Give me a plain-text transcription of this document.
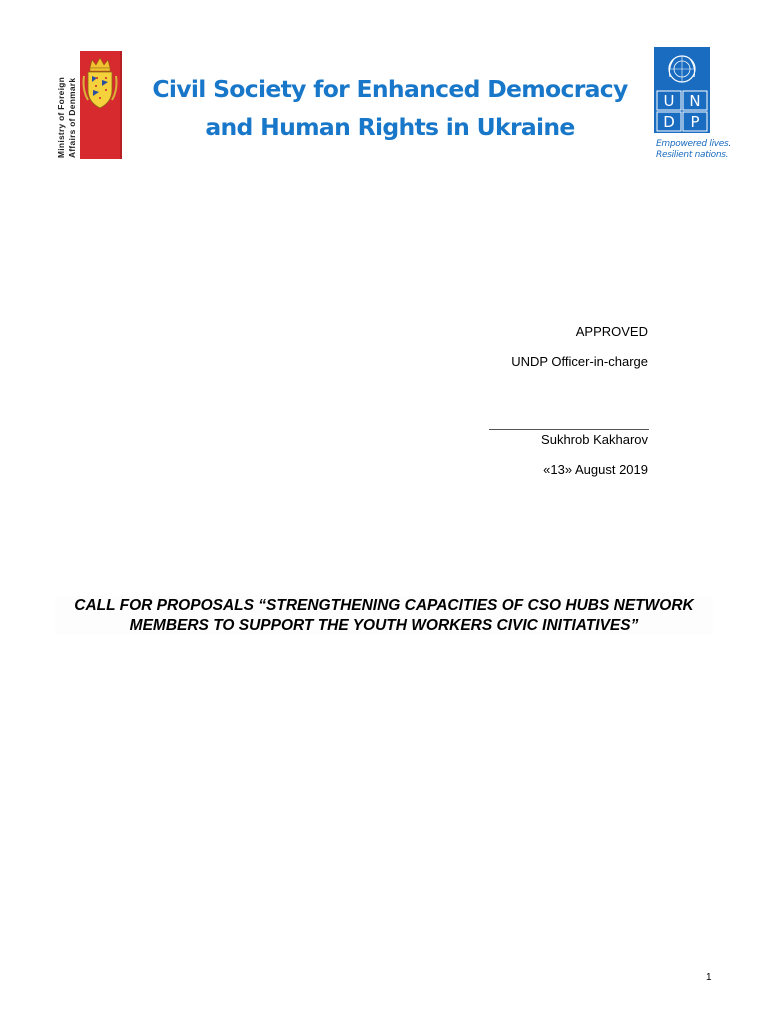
Ministry of Foreign Affairs of Denmark	Civil Society for Enhanced Democracy
and Human Rights in Ukraine
U N
D P
Empowered lives.
Resilient nations.
APPROVED
UNDP Officer-in-charge
Sukhrob Kakharov
«13» August 2019
CALL FOR PROPOSALS “STRENGTHENING CAPACITIES OF CSO HUBS NETWORK MEMBERS TO SUPPORT THE YOUTH WORKERS CIVIC INITIATIVES”
1
